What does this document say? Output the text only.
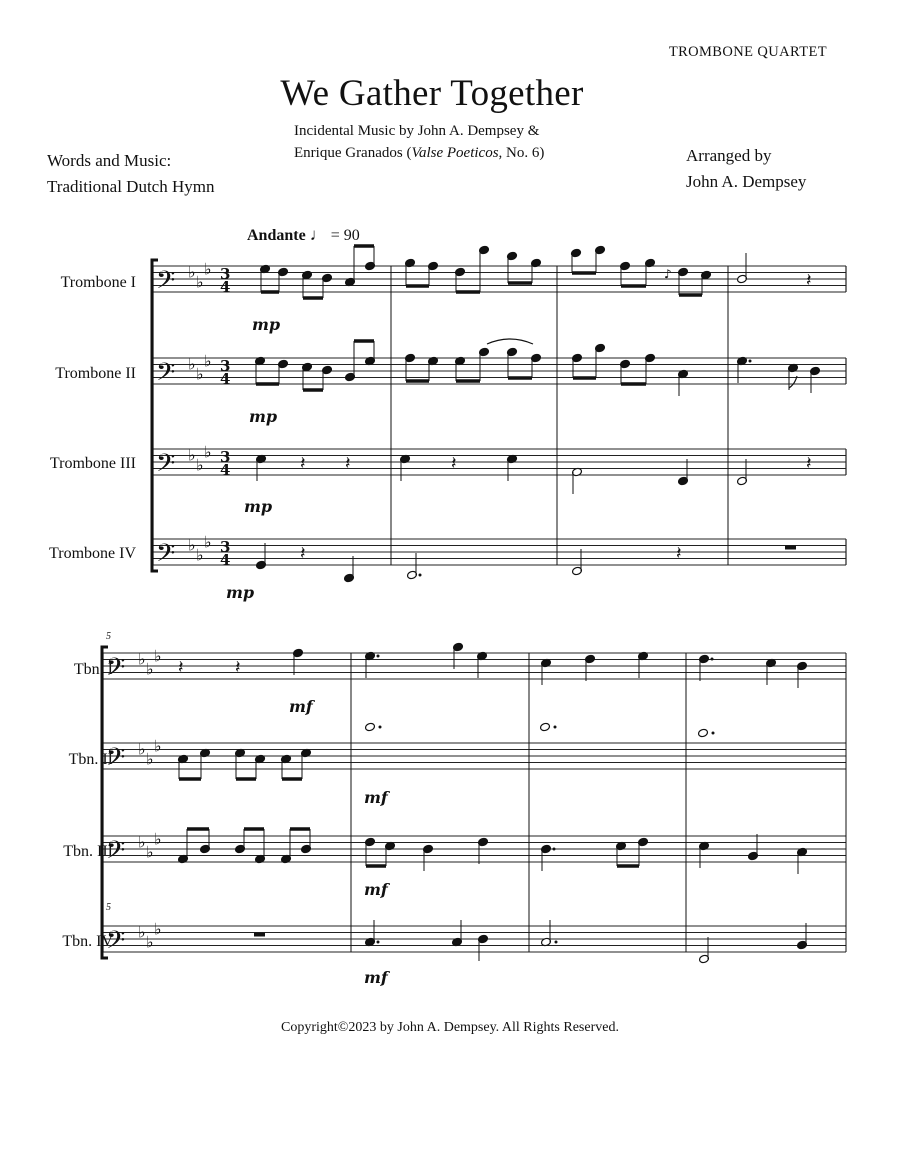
TROMBONE QUARTET
We Gather Together
Incidental Music by John A. Dempsey &
Enrique Granados (Valse Poeticos, No. 6)
Words and Music:
Traditional Dutch Hymn
Arranged by
John A. Dempsey
Andante ♩ = 90
Trombone I
Trombone II
Trombone III
Trombone IV
Tbn. I
Tbn. II
Tbn. III
Tbn. IV
mp
mp
mp
mp
mf
mf
mf
mf
5
5
𝄢 ♭
♭
♭ 3
4
𝄢 ♭
♭
♭ 3
4
𝄢 ♭
♭
♭ 3
4
𝄢 ♭
♭
♭ 3
4
♪	𝄽
𝄽 𝄽	𝄽	𝄽
𝄽	𝄽
𝄢 ♭
♭
♭
𝄢 ♭
♭
♭
𝄢 ♭
♭
♭
𝄢 ♭
♭
♭
𝄽	𝄽
Copyright©2023 by John A. Dempsey. All Rights Reserved.
